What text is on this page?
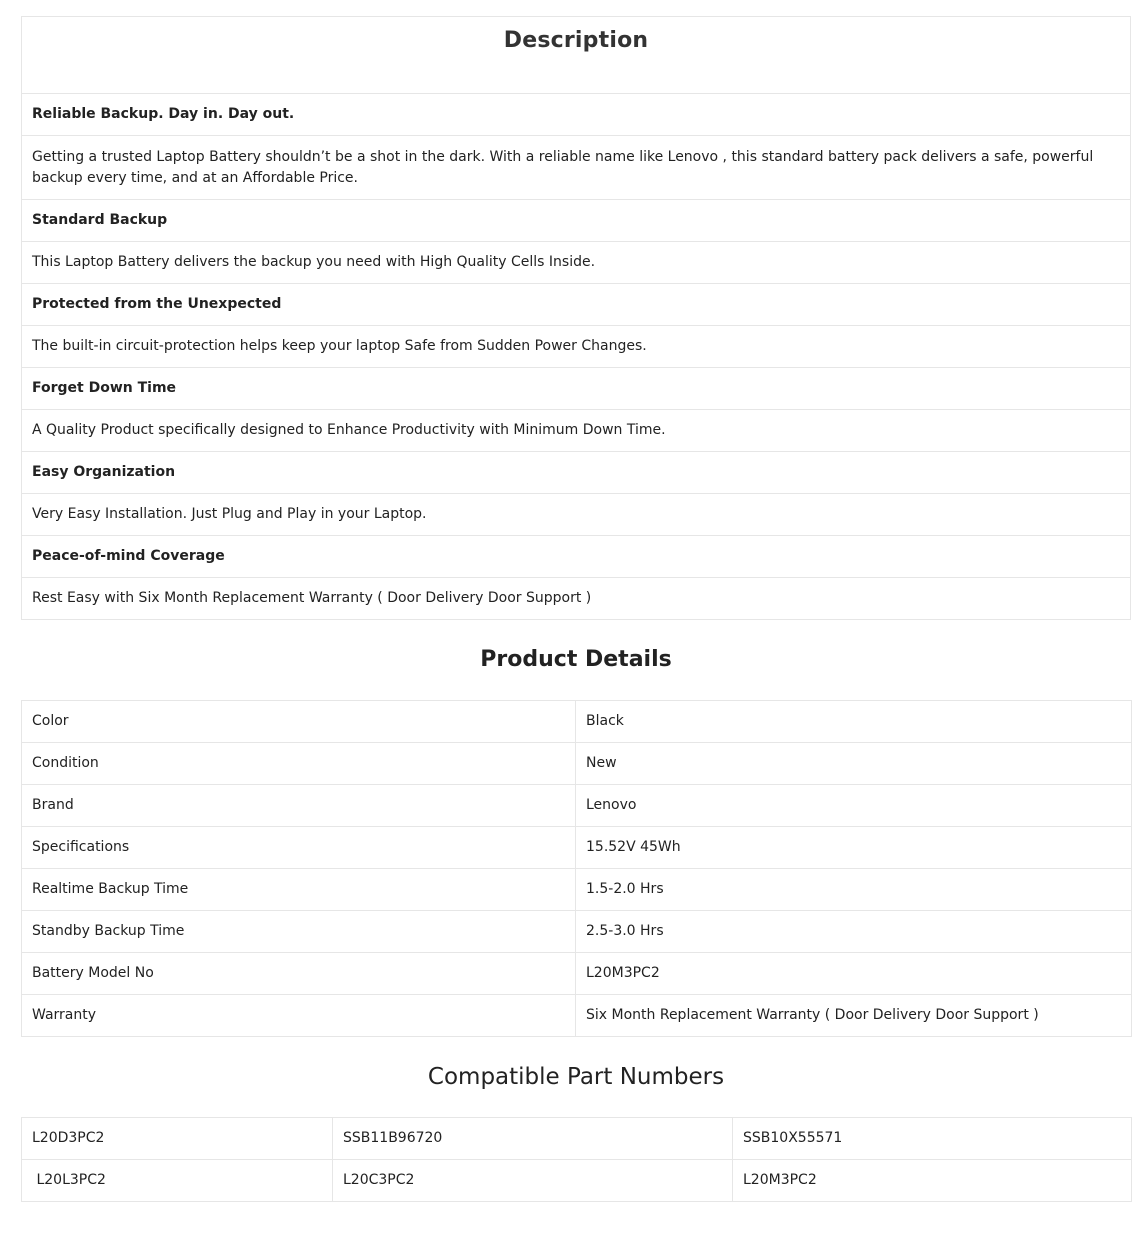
Description
Reliable Backup. Day in. Day out.
Getting a trusted Laptop Battery shouldn’t be a shot in the dark. With a reliable name like Lenovo , this standard battery pack delivers a safe, powerful backup every time, and at an Affordable Price.
Standard Backup
This Laptop Battery delivers the backup you need with High Quality Cells Inside.
Protected from the Unexpected
The built-in circuit-protection helps keep your laptop Safe from Sudden Power Changes.
Forget Down Time
A Quality Product specifically designed to Enhance Productivity with Minimum Down Time.
Easy Organization
Very Easy Installation. Just Plug and Play in your Laptop.
Peace-of-mind Coverage
Rest Easy with Six Month Replacement Warranty ( Door Delivery Door Support )
Product Details
Color	Black
Condition	New
Brand	Lenovo
Specifications	15.52V 45Wh
Realtime Backup Time	1.5-2.0 Hrs
Standby Backup Time	2.5-3.0 Hrs
Battery Model No	L20M3PC2
Warranty	Six Month Replacement Warranty ( Door Delivery Door Support )
Compatible Part Numbers
L20D3PC2	SSB11B96720	SSB10X55571
L20L3PC2	L20C3PC2	L20M3PC2
